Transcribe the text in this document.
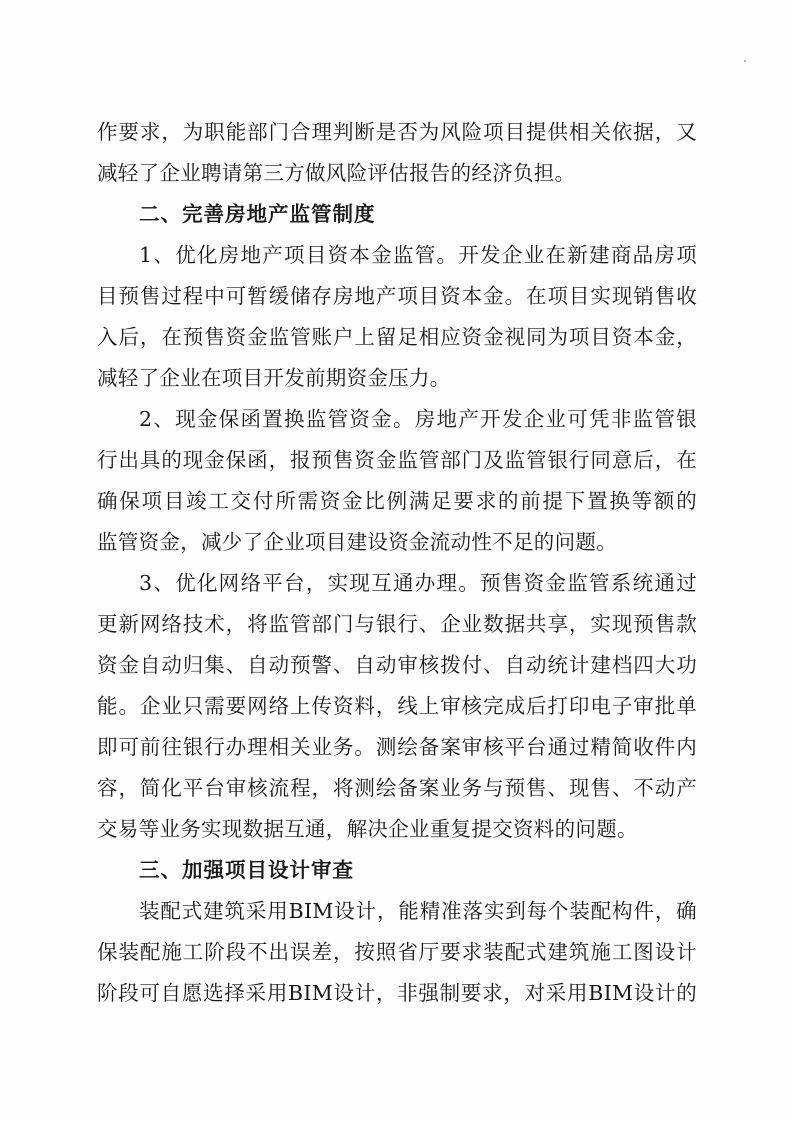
作要求，为职能部门合理判断是否为风险项目提供相关依据，又

减轻了企业聘请第三方做风险评估报告的经济负担。

二、完善房地产监管制度

1、优化房地产项目资本金监管。开发企业在新建商品房项

目预售过程中可暂缓储存房地产项目资本金。在项目实现销售收

入后，在预售资金监管账户上留足相应资金视同为项目资本金，

减轻了企业在项目开发前期资金压力。

2、现金保函置换监管资金。房地产开发企业可凭非监管银

行出具的现金保函，报预售资金监管部门及监管银行同意后，在

确保项目竣工交付所需资金比例满足要求的前提下置换等额的

监管资金，减少了企业项目建设资金流动性不足的问题。

3、优化网络平台，实现互通办理。预售资金监管系统通过

更新网络技术，将监管部门与银行、企业数据共享，实现预售款

资金自动归集、自动预警、自动审核拨付、自动统计建档四大功

能。企业只需要网络上传资料，线上审核完成后打印电子审批单

即可前往银行办理相关业务。测绘备案审核平台通过精简收件内

容，简化平台审核流程，将测绘备案业务与预售、现售、不动产

交易等业务实现数据互通，解决企业重复提交资料的问题。

三、加强项目设计审查

装配式建筑采用BIM设计，能精准落实到每个装配构件，确

保装配施工阶段不出误差，按照省厅要求装配式建筑施工图设计

阶段可自愿选择采用BIM设计，非强制要求，对采用BIM设计的
